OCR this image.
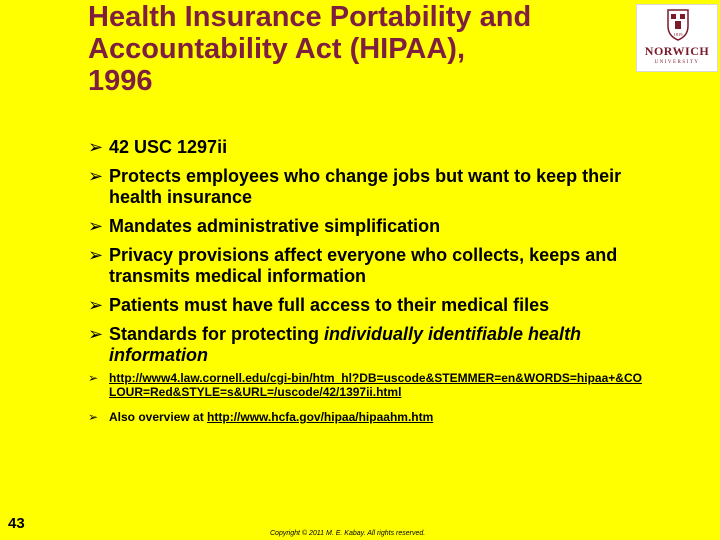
Health Insurance Portability and
Accountability Act (HIPAA),
1996
1819
NORWICH
UNIVERSITY
➢ 42 USC 1297ii
➢ Protects employees who change jobs but want to keep their health insurance
➢ Mandates administrative simplification
➢ Privacy provisions affect everyone who collects, keeps and transmits medical information
➢ Patients must have full access to their medical files
➢ Standards for protecting individually identifiable health information
➢ http://www4.law.cornell.edu/cgi-bin/htm_hl?DB=uscode&STEMMER=en&WORDS=hipaa+&COLOUR=Red&STYLE=s&URL=/uscode/42/1397ii.html
➢ Also overview at http://www.hcfa.gov/hipaa/hipaahm.htm
43
Copyright © 2011 M. E. Kabay. All rights reserved.
